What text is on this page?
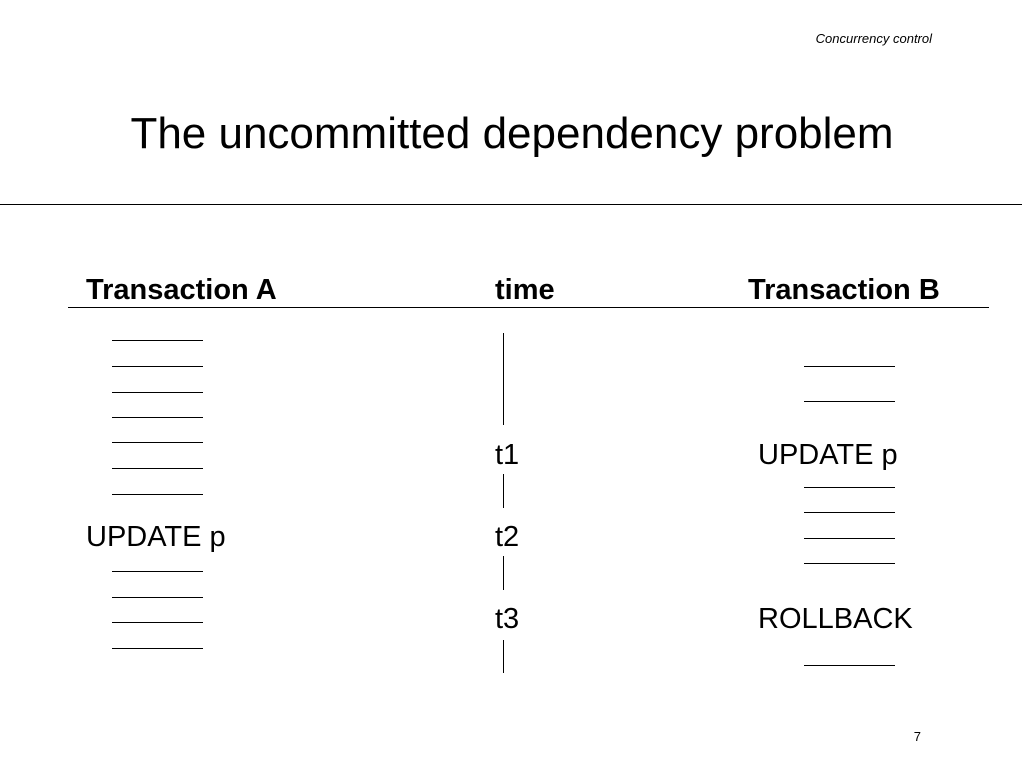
Concurrency control
The uncommitted dependency problem
Transaction A	time	Transaction B
UPDATE p
t1
t2
t3
UPDATE p
ROLLBACK
7
